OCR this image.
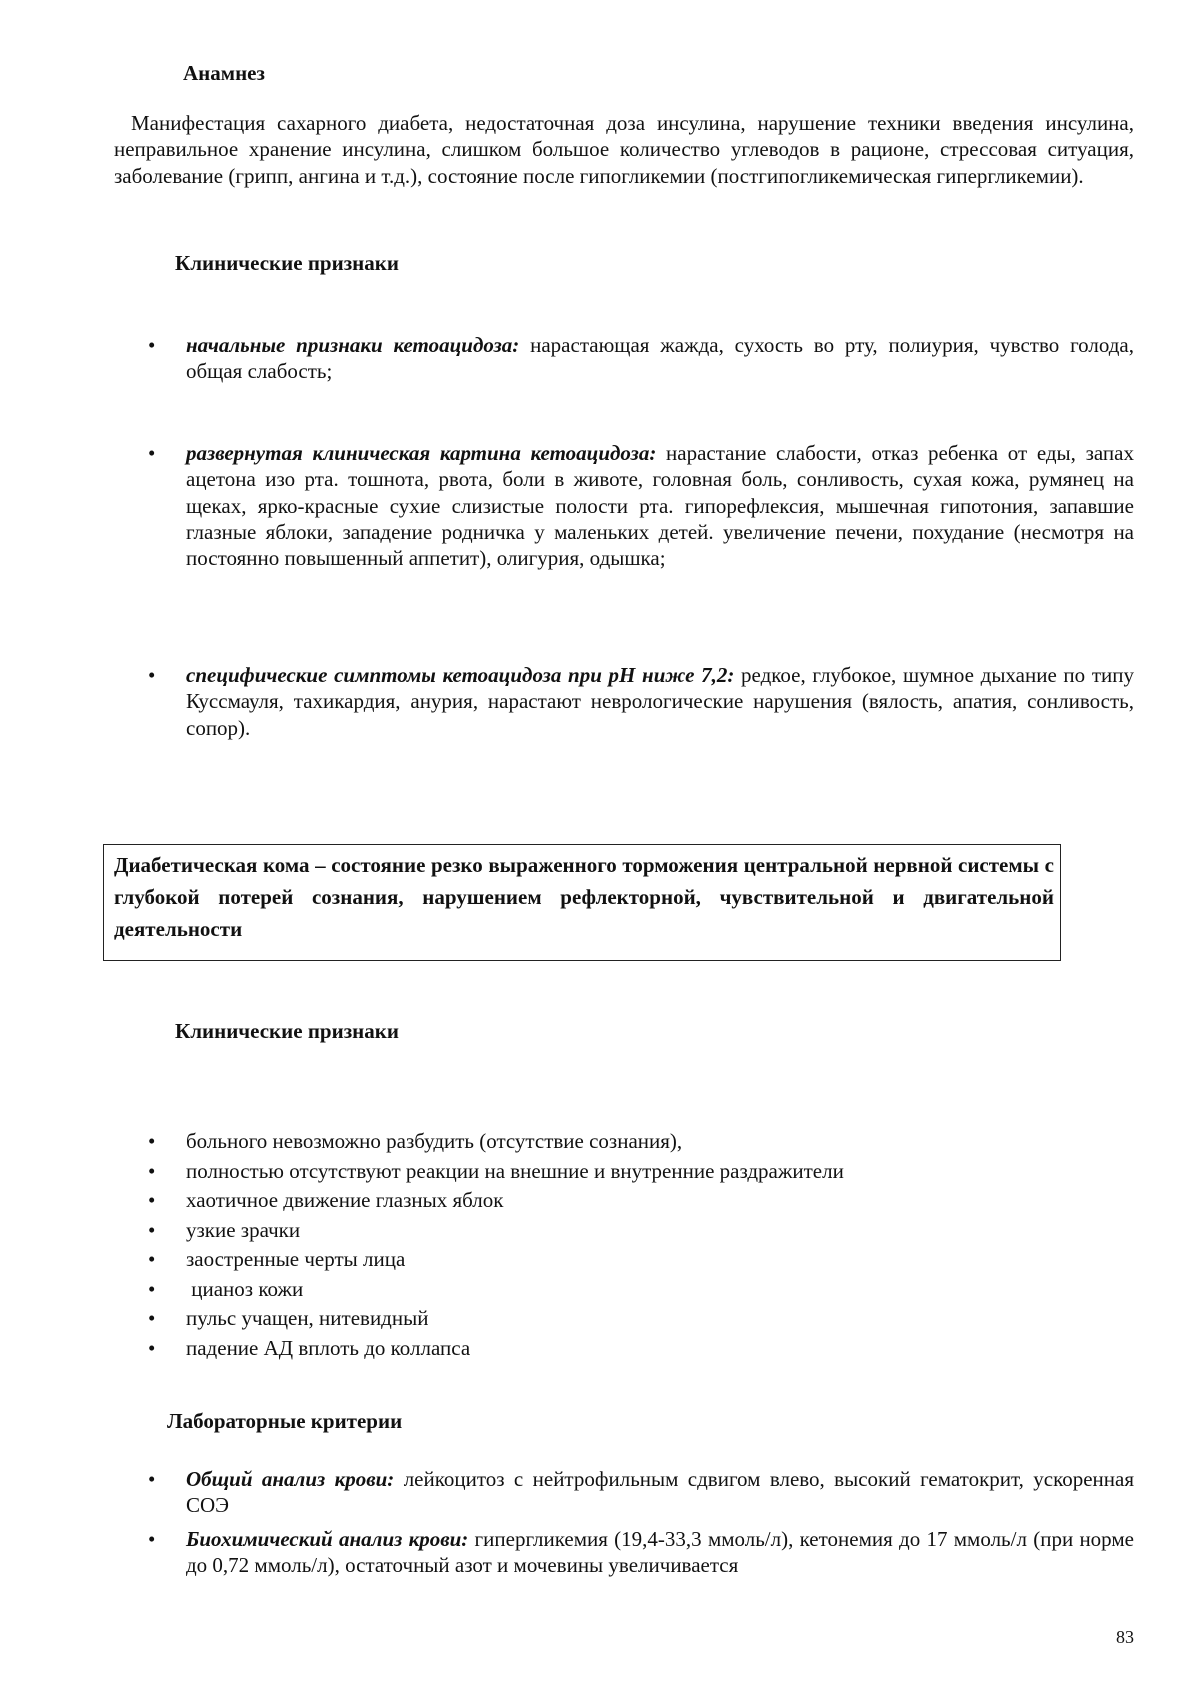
Анамнез

Манифестация сахарного диабета, недостаточная доза инсулина, нарушение техники введения инсулина, неправильное хранение инсулина, слишком большое количество углеводов в рационе, стрессовая ситуация, заболевание (грипп, ангина и т.д.), состояние после гипогликемии (постгипогликемическая гипергликемии).

Клинические признаки
• начальные признаки кетоацидоза: нарастающая жажда, сухость во рту, полиурия, чувство голода, общая слабость;
• развернутая клиническая картина кетоацидоза: нарастание слабости, отказ ребенка от еды, запах ацетона изо рта. тошнота, рвота, боли в животе, головная боль, сонливость, сухая кожа, румянец на щеках, ярко-красные сухие слизистые полости рта. гипорефлексия, мышечная гипотония, запавшие глазные яблоки, западение родничка у маленьких детей. увеличение печени, похудание (несмотря на постоянно повышенный аппетит), олигурия, одышка;
• специфические симптомы кетоацидоза при рН ниже 7,2: редкое, глубокое, шумное дыхание по типу Куссмауля, тахикардия, анурия, нарастают неврологические нарушения (вялость, апатия, сонливость, сопор).

Диабетическая кома – состояние резко выраженного торможения центральной нервной системы с глубокой потерей сознания, нарушением рефлекторной, чувствительной и двигательной деятельности

Клинические признаки
• больного невозможно разбудить (отсутствие сознания),
• полностью отсутствуют реакции на внешние и внутренние раздражители
• хаотичное движение глазных яблок
• узкие зрачки
• заостренные черты лица
• цианоз кожи
• пульс учащен, нитевидный
• падение АД вплоть до коллапса
Лабораторные критерии
• Общий анализ крови: лейкоцитоз с нейтрофильным сдвигом влево, высокий гематокрит, ускоренная СОЭ
• Биохимический анализ крови: гипергликемия (19,4-33,3 ммоль/л), кетонемия до 17 ммоль/л (при норме до 0,72 ммоль/л), остаточный азот и мочевины увеличивается
83
